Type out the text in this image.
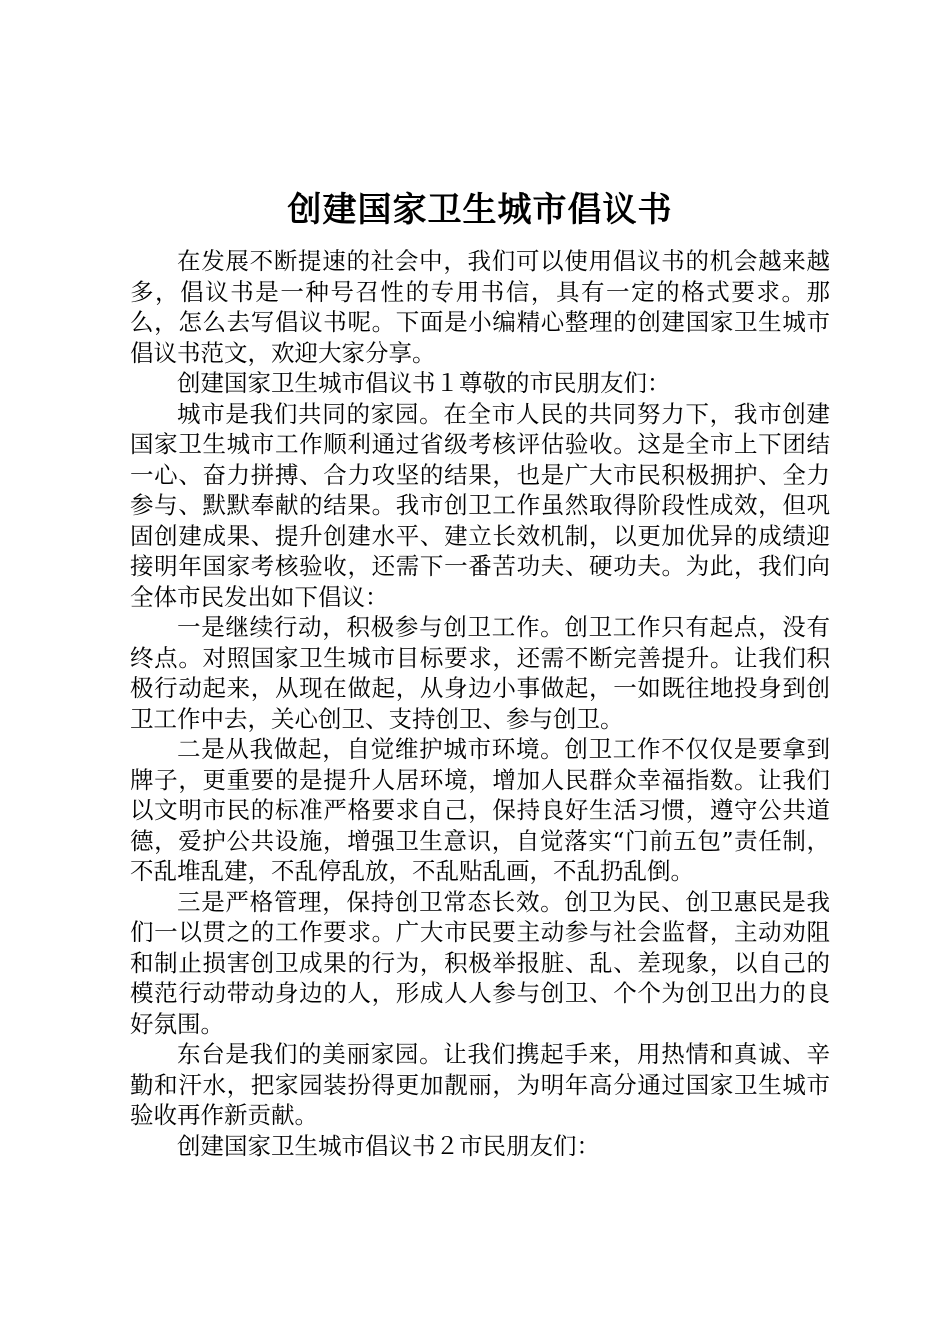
创建国家卫生城市倡议书

在发展不断提速的社会中，我们可以使用倡议书的机会越来越多，倡议书是一种号召性的专用书信，具有一定的格式要求。那么，怎么去写倡议书呢。下面是小编精心整理的创建国家卫生城市倡议书范文，欢迎大家分享。

创建国家卫生城市倡议书１尊敬的市民朋友们：

城市是我们共同的家园。在全市人民的共同努力下，我市创建国家卫生城市工作顺利通过省级考核评估验收。这是全市上下团结一心、奋力拼搏、合力攻坚的结果，也是广大市民积极拥护、全力参与、默默奉献的结果。我市创卫工作虽然取得阶段性成效，但巩固创建成果、提升创建水平、建立长效机制，以更加优异的成绩迎接明年国家考核验收，还需下一番苦功夫、硬功夫。为此，我们向全体市民发出如下倡议：

一是继续行动，积极参与创卫工作。创卫工作只有起点，没有终点。对照国家卫生城市目标要求，还需不断完善提升。让我们积极行动起来，从现在做起，从身边小事做起，一如既往地投身到创卫工作中去，关心创卫、支持创卫、参与创卫。

二是从我做起，自觉维护城市环境。创卫工作不仅仅是要拿到牌子，更重要的是提升人居环境，增加人民群众幸福指数。让我们以文明市民的标准严格要求自己，保持良好生活习惯，遵守公共道德，爱护公共设施，增强卫生意识，自觉落实“门前五包”责任制，不乱堆乱建，不乱停乱放，不乱贴乱画，不乱扔乱倒。

三是严格管理，保持创卫常态长效。创卫为民、创卫惠民是我们一以贯之的工作要求。广大市民要主动参与社会监督，主动劝阻和制止损害创卫成果的行为，积极举报脏、乱、差现象，以自己的模范行动带动身边的人，形成人人参与创卫、个个为创卫出力的良好氛围。

东台是我们的美丽家园。让我们携起手来，用热情和真诚、辛勤和汗水，把家园装扮得更加靓丽，为明年高分通过国家卫生城市验收再作新贡献。

创建国家卫生城市倡议书２市民朋友们：
